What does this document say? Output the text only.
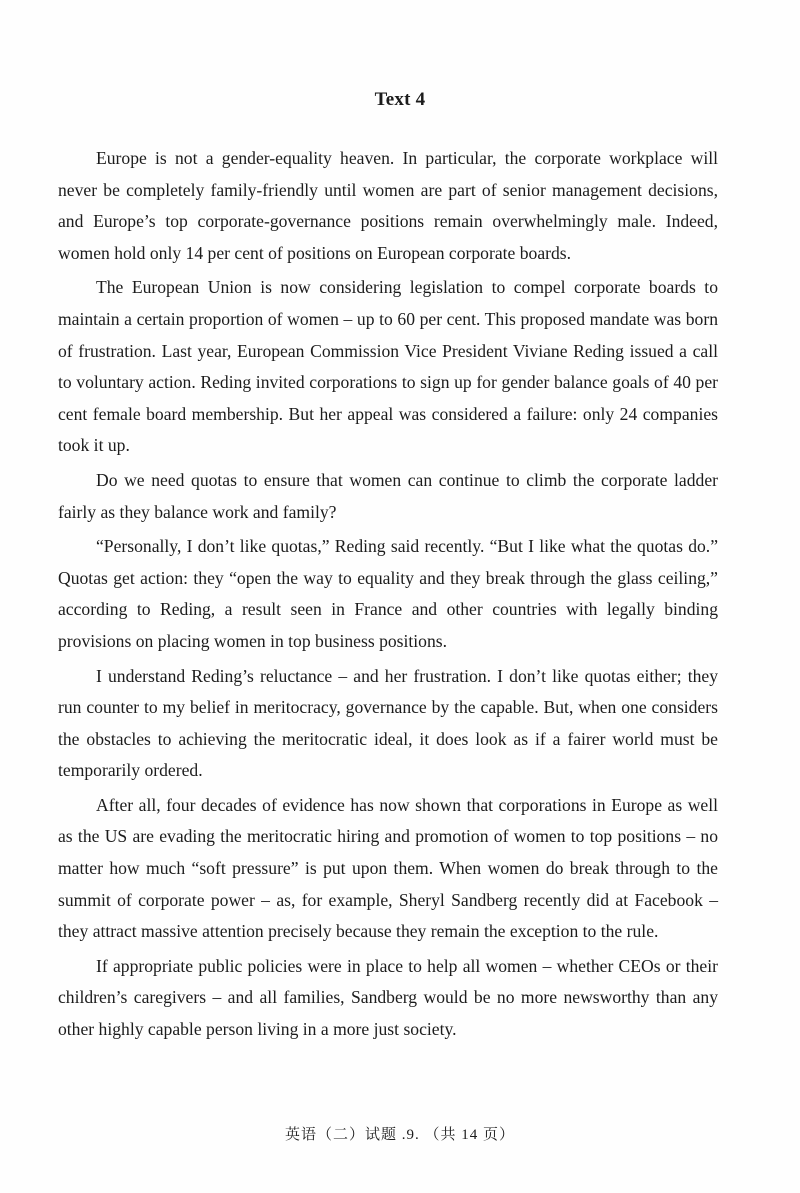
Text 4

Europe is not a gender-equality heaven. In particular, the corporate workplace will never be completely family-friendly until women are part of senior management decisions, and Europe’s top corporate-governance positions remain overwhelmingly male. Indeed, women hold only 14 per cent of positions on European corporate boards.

The European Union is now considering legislation to compel corporate boards to maintain a certain proportion of women – up to 60 per cent. This proposed mandate was born of frustration. Last year, European Commission Vice President Viviane Reding issued a call to voluntary action. Reding invited corporations to sign up for gender balance goals of 40 per cent female board membership. But her appeal was considered a failure: only 24 companies took it up.

Do we need quotas to ensure that women can continue to climb the corporate ladder fairly as they balance work and family?

“Personally, I don’t like quotas,” Reding said recently. “But I like what the quotas do.” Quotas get action: they “open the way to equality and they break through the glass ceiling,” according to Reding, a result seen in France and other countries with legally binding provisions on placing women in top business positions.

I understand Reding’s reluctance – and her frustration. I don’t like quotas either; they run counter to my belief in meritocracy, governance by the capable. But, when one considers the obstacles to achieving the meritocratic ideal, it does look as if a fairer world must be temporarily ordered.

After all, four decades of evidence has now shown that corporations in Europe as well as the US are evading the meritocratic hiring and promotion of women to top positions – no matter how much “soft pressure” is put upon them. When women do break through to the summit of corporate power – as, for example, Sheryl Sandberg recently did at Facebook – they attract massive attention precisely because they remain the exception to the rule.

If appropriate public policies were in place to help all women – whether CEOs or their children’s caregivers – and all families, Sandberg would be no more newsworthy than any other highly capable person living in a more just society.

英语（二）试题 .9. （共 14 页）
